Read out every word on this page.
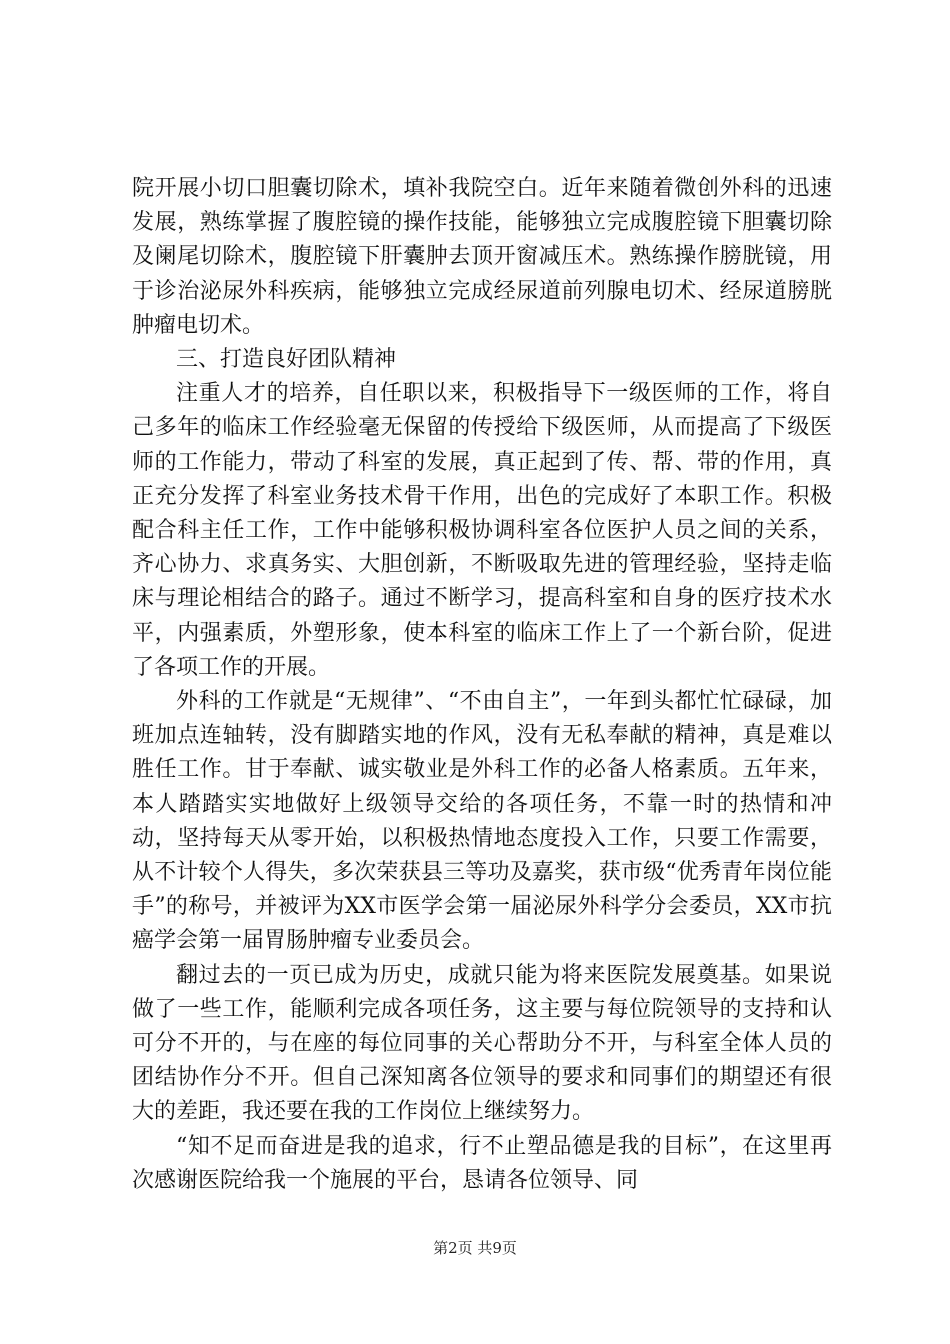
院开展小切口胆囊切除术，填补我院空白。近年来随着微创外科的迅速发展，熟练掌握了腹腔镜的操作技能，能够独立完成腹腔镜下胆囊切除及阑尾切除术，腹腔镜下肝囊肿去顶开窗减压术。熟练操作膀胱镜，用于诊治泌尿外科疾病，能够独立完成经尿道前列腺电切术、经尿道膀胱肿瘤电切术。

三、打造良好团队精神

注重人才的培养，自任职以来，积极指导下一级医师的工作，将自己多年的临床工作经验毫无保留的传授给下级医师，从而提高了下级医师的工作能力，带动了科室的发展，真正起到了传、帮、带的作用，真正充分发挥了科室业务技术骨干作用，出色的完成好了本职工作。积极配合科主任工作，工作中能够积极协调科室各位医护人员之间的关系，齐心协力、求真务实、大胆创新，不断吸取先进的管理经验，坚持走临床与理论相结合的路子。通过不断学习，提高科室和自身的医疗技术水平，内强素质，外塑形象，使本科室的临床工作上了一个新台阶，促进了各项工作的开展。

外科的工作就是“无规律”、“不由自主”，一年到头都忙忙碌碌，加班加点连轴转，没有脚踏实地的作风，没有无私奉献的精神，真是难以胜任工作。甘于奉献、诚实敬业是外科工作的必备人格素质。五年来，本人踏踏实实地做好上级领导交给的各项任务，不靠一时的热情和冲动，坚持每天从零开始，以积极热情地态度投入工作，只要工作需要，从不计较个人得失，多次荣获县三等功及嘉奖，获市级“优秀青年岗位能手”的称号，并被评为XX市医学会第一届泌尿外科学分会委员，XX市抗癌学会第一届胃肠肿瘤专业委员会。

翻过去的一页已成为历史，成就只能为将来医院发展奠基。如果说做了一些工作，能顺利完成各项任务，这主要与每位院领导的支持和认可分不开的，与在座的每位同事的关心帮助分不开，与科室全体人员的团结协作分不开。但自己深知离各位领导的要求和同事们的期望还有很大的差距，我还要在我的工作岗位上继续努力。

“知不足而奋进是我的追求，行不止塑品德是我的目标”，在这里再次感谢医院给我一个施展的平台，恳请各位领导、同

第2页 共9页
